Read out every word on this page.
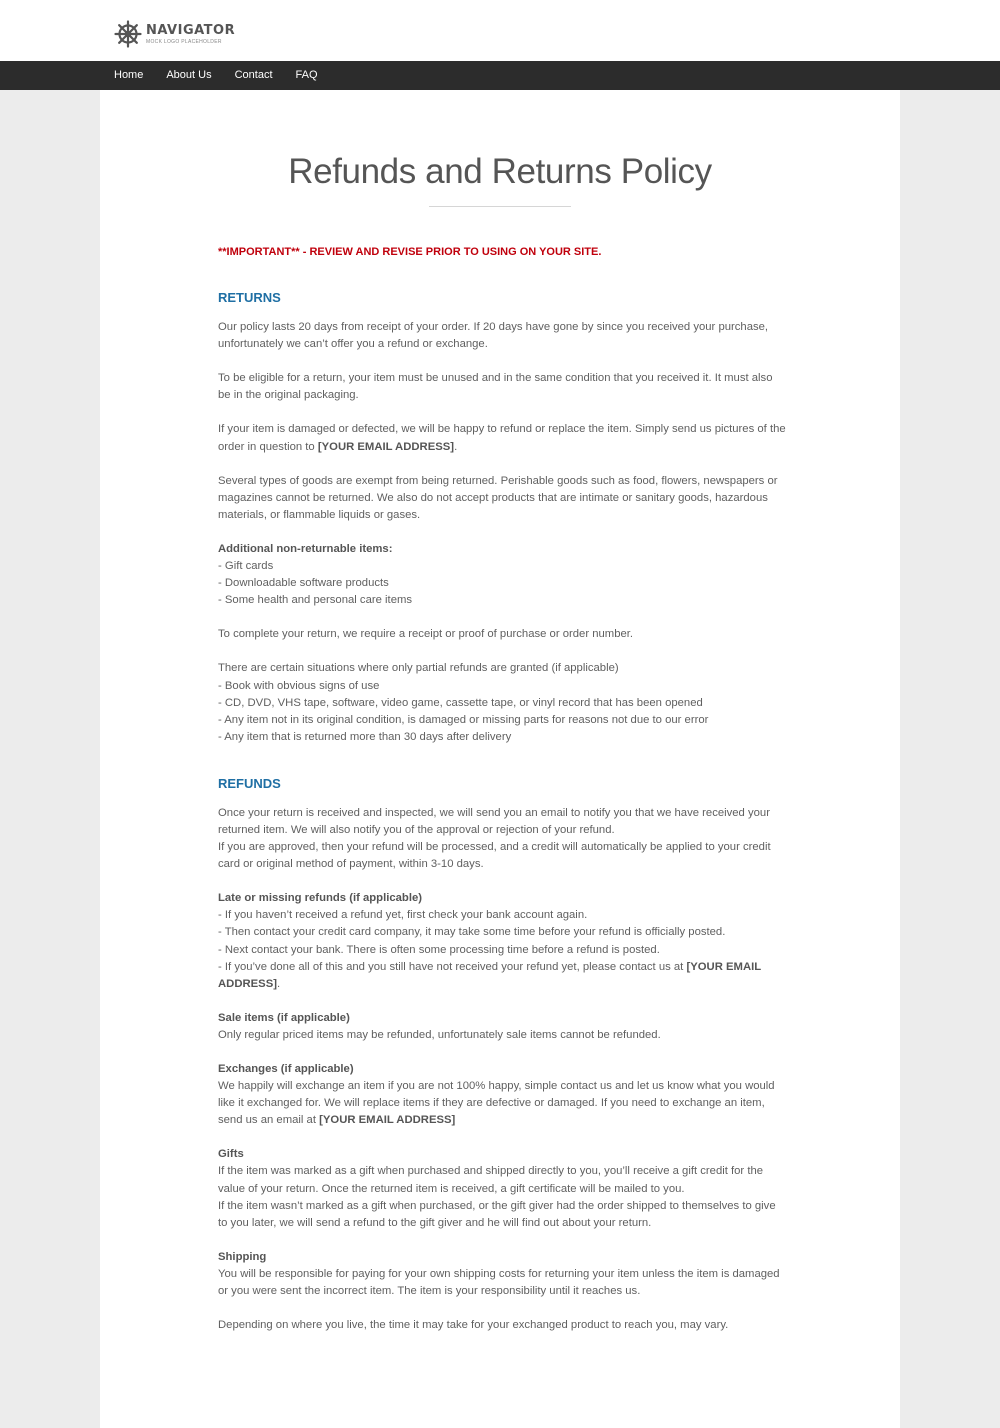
NAVIGATOR
MOCK LOGO PLACEHOLDER
Home About Us Contact FAQ
Refunds and Returns Policy

**IMPORTANT** - REVIEW AND REVISE PRIOR TO USING ON YOUR SITE.

RETURNS

Our policy lasts 20 days from receipt of your order. If 20 days have gone by since you received your purchase, unfortunately we can’t offer you a refund or exchange.

To be eligible for a return, your item must be unused and in the same condition that you received it. It must also be in the original packaging.

If your item is damaged or defected, we will be happy to refund or replace the item. Simply send us pictures of the order in question to [YOUR EMAIL ADDRESS].

Several types of goods are exempt from being returned. Perishable goods such as food, flowers, newspapers or magazines cannot be returned. We also do not accept products that are intimate or sanitary goods, hazardous materials, or flammable liquids or gases.

Additional non-returnable items:

- Gift cards
- Downloadable software products
- Some health and personal care items

To complete your return, we require a receipt or proof of purchase or order number.

There are certain situations where only partial refunds are granted (if applicable)

- Book with obvious signs of use
- CD, DVD, VHS tape, software, video game, cassette tape, or vinyl record that has been opened
- Any item not in its original condition, is damaged or missing parts for reasons not due to our error
- Any item that is returned more than 30 days after delivery
REFUNDS

Once your return is received and inspected, we will send you an email to notify you that we have received your returned item. We will also notify you of the approval or rejection of your refund.

If you are approved, then your refund will be processed, and a credit will automatically be applied to your credit card or original method of payment, within 3-10 days.

Late or missing refunds (if applicable)

- If you haven’t received a refund yet, first check your bank account again.
- Then contact your credit card company, it may take some time before your refund is officially posted.
- Next contact your bank. There is often some processing time before a refund is posted.

- If you’ve done all of this and you still have not received your refund yet, please contact us at [YOUR EMAIL ADDRESS].

Sale items (if applicable)

Only regular priced items may be refunded, unfortunately sale items cannot be refunded.

Exchanges (if applicable)

We happily will exchange an item if you are not 100% happy, simple contact us and let us know what you would like it exchanged for. We will replace items if they are defective or damaged. If you need to exchange an item, send us an email at [YOUR EMAIL ADDRESS]

Gifts

If the item was marked as a gift when purchased and shipped directly to you, you’ll receive a gift credit for the value of your return. Once the returned item is received, a gift certificate will be mailed to you.

If the item wasn’t marked as a gift when purchased, or the gift giver had the order shipped to themselves to give to you later, we will send a refund to the gift giver and he will find out about your return.

Shipping

You will be responsible for paying for your own shipping costs for returning your item unless the item is damaged or you were sent the incorrect item. The item is your responsibility until it reaches us.

Depending on where you live, the time it may take for your exchanged product to reach you, may vary.
